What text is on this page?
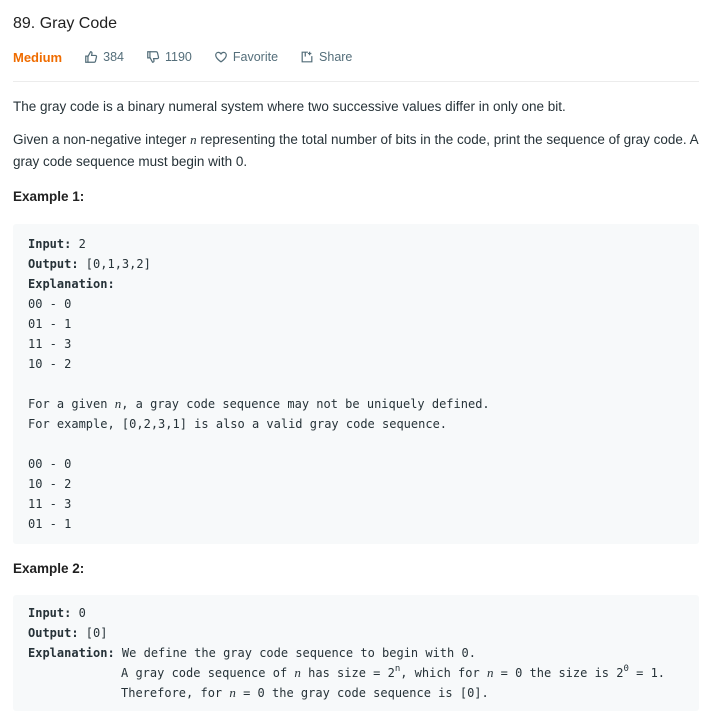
89. Gray Code
Medium	384	1190	Favorite	Share

The gray code is a binary numeral system where two successive values differ in only one bit.

Given a non-negative integer n representing the total number of bits in the code, print the sequence of gray code. A gray code sequence must begin with 0.

Example 1:
Input: 2
Output: [0,1,3,2]
Explanation:
00 - 0
01 - 1
11 - 3
10 - 2
For a given n, a gray code sequence may not be uniquely defined.
For example, [0,2,3,1] is also a valid gray code sequence.
00 - 0
10 - 2
11 - 3
01 - 1
Example 2:
Input: 0
Output: [0]
Explanation: We define the gray code sequence to begin with 0.
A gray code sequence of n has size = $2^n$, which for n = 0 the size is $2^0 = 1$.
Therefore, for n = 0 the gray code sequence is [0].
